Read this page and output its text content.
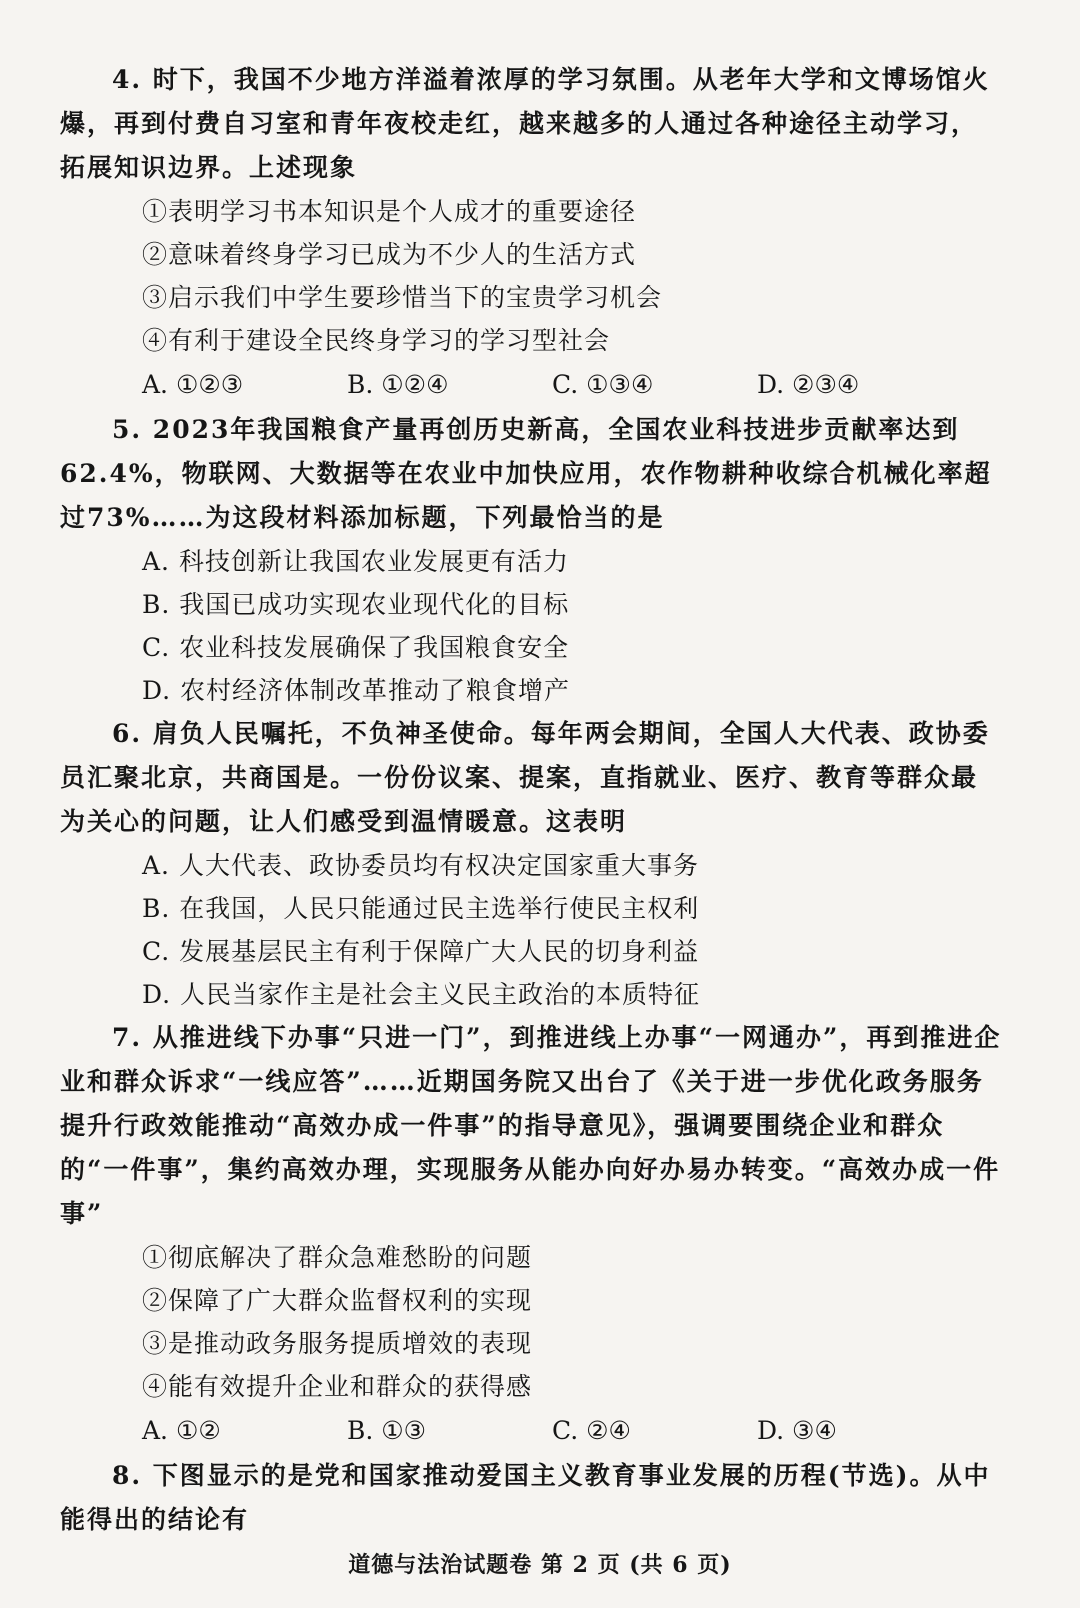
4. 时下，我国不少地方洋溢着浓厚的学习氛围。从老年大学和文博场馆火爆，再到付费自习室和青年夜校走红，越来越多的人通过各种途径主动学习，拓展知识边界。上述现象

①表明学习书本知识是个人成才的重要途径

②意味着终身学习已成为不少人的生活方式

③启示我们中学生要珍惜当下的宝贵学习机会

④有利于建设全民终身学习的学习型社会

A. ①②③	B. ①②④	C. ①③④	D. ②③④

5. 2023年我国粮食产量再创历史新高，全国农业科技进步贡献率达到62.4%，物联网、大数据等在农业中加快应用，农作物耕种收综合机械化率超过73%……为这段材料添加标题，下列最恰当的是

A. 科技创新让我国农业发展更有活力

B. 我国已成功实现农业现代化的目标

C. 农业科技发展确保了我国粮食安全

D. 农村经济体制改革推动了粮食增产

6. 肩负人民嘱托，不负神圣使命。每年两会期间，全国人大代表、政协委员汇聚北京，共商国是。一份份议案、提案，直指就业、医疗、教育等群众最为关心的问题，让人们感受到温情暖意。这表明

A. 人大代表、政协委员均有权决定国家重大事务

B. 在我国，人民只能通过民主选举行使民主权利

C. 发展基层民主有利于保障广大人民的切身利益

D. 人民当家作主是社会主义民主政治的本质特征

7. 从推进线下办事“只进一门”，到推进线上办事“一网通办”，再到推进企业和群众诉求“一线应答”……近期国务院又出台了《关于进一步优化政务服务提升行政效能推动“高效办成一件事”的指导意见》，强调要围绕企业和群众的“一件事”，集约高效办理，实现服务从能办向好办易办转变。“高效办成一件事”

①彻底解决了群众急难愁盼的问题

②保障了广大群众监督权利的实现

③是推动政务服务提质增效的表现

④能有效提升企业和群众的获得感

A. ①②	B. ①③	C. ②④	D. ③④

8. 下图显示的是党和国家推动爱国主义教育事业发展的历程(节选)。从中能得出的结论有

道德与法治试题卷 第 2 页 (共 6 页)
